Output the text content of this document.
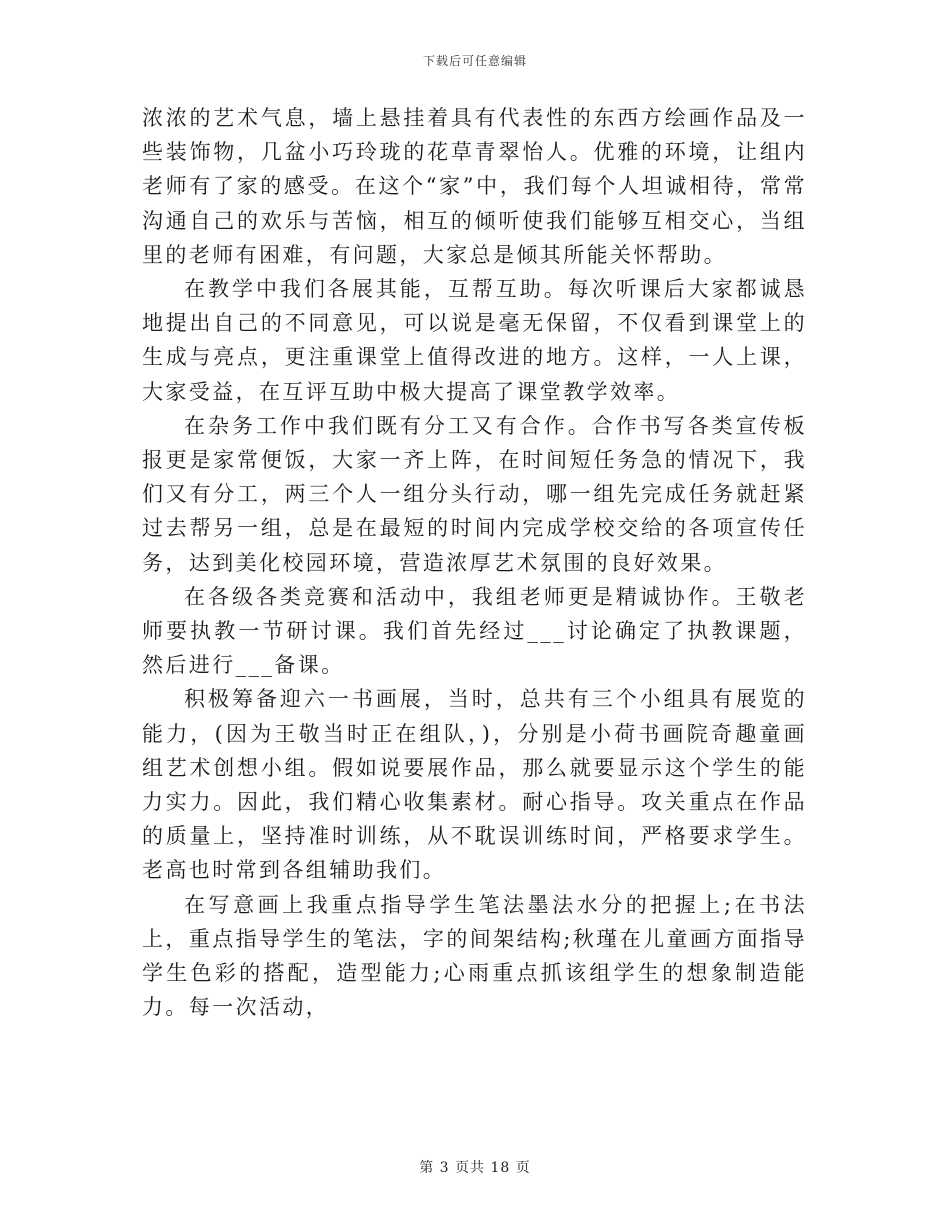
下载后可任意编辑

浓浓的艺术气息，墙上悬挂着具有代表性的东西方绘画作品及一些装饰物，几盆小巧玲珑的花草青翠怡人。优雅的环境，让组内老师有了家的感受。在这个“家”中，我们每个人坦诚相待，常常沟通自己的欢乐与苦恼，相互的倾听使我们能够互相交心，当组里的老师有困难，有问题，大家总是倾其所能关怀帮助。

在教学中我们各展其能，互帮互助。每次听课后大家都诚恳地提出自己的不同意见，可以说是毫无保留，不仅看到课堂上的生成与亮点，更注重课堂上值得改进的地方。这样，一人上课，大家受益，在互评互助中极大提高了课堂教学效率。

在杂务工作中我们既有分工又有合作。合作书写各类宣传板报更是家常便饭，大家一齐上阵，在时间短任务急的情况下，我们又有分工，两三个人一组分头行动，哪一组先完成任务就赶紧过去帮另一组，总是在最短的时间内完成学校交给的各项宣传任务，达到美化校园环境，营造浓厚艺术氛围的良好效果。

在各级各类竞赛和活动中，我组老师更是精诚协作。王敬老师要执教一节研讨课。我们首先经过___讨论确定了执教课题，然后进行___备课。

积极筹备迎六一书画展，当时，总共有三个小组具有展览的能力，(因为王敬当时正在组队，)，分别是小荷书画院奇趣童画组艺术创想小组。假如说要展作品，那么就要显示这个学生的能力实力。因此，我们精心收集素材。耐心指导。攻关重点在作品的质量上，坚持准时训练，从不耽误训练时间，严格要求学生。老高也时常到各组辅助我们。

在写意画上我重点指导学生笔法墨法水分的把握上;在书法上，重点指导学生的笔法，字的间架结构;秋瑾在儿童画方面指导学生色彩的搭配，造型能力;心雨重点抓该组学生的想象制造能力。每一次活动，

第 3 页共 18 页
